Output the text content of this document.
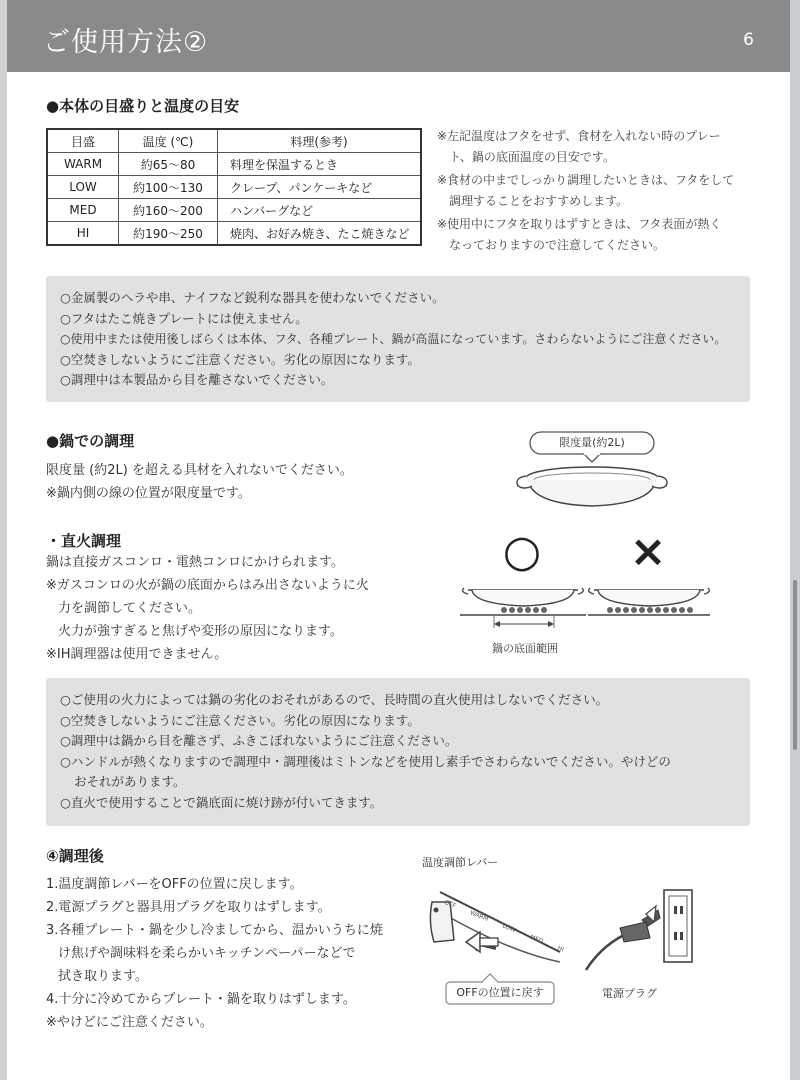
ご使用方法②	6
●本体の目盛りと温度の目安
目盛	温度 (℃)	料理(参考)
WARM	約65〜80	料理を保温するとき
LOW	約100〜130	クレープ、パンケーキなど
MED	約160〜200	ハンバーグなど
HI	約190〜250	焼肉、お好み焼き、たこ焼きなど
※左記温度はフタをせず、食材を入れない時のプレー
ト、鍋の底面温度の目安です。
※食材の中までしっかり調理したいときは、フタをして
調理することをおすすめします。
※使用中にフタを取りはずすときは、フタ表面が熱く
なっておりますので注意してください。
○金属製のヘラや串、ナイフなど鋭利な器具を使わないでください。
○フタはたこ焼きプレートには使えません。
○使用中または使用後しばらくは本体、フタ、各種プレート、鍋が高温になっています。さわらないようにご注意ください。
○空焚きしないようにご注意ください。劣化の原因になります。
○調理中は本製品から目を離さないでください。
●鍋での調理
限度量 (約2L) を超える具材を入れないでください。
※鍋内側の線の位置が限度量です。
限度量(約2L)
・直火調理
鍋は直接ガスコンロ・電熱コンロにかけられます。
※ガスコンロの火が鍋の底面からはみ出さないように火
力を調節してください。
火力が強すぎると焦げや変形の原因になります。
※IH調理器は使用できません。
○ ×
鍋の底面範囲
○ご使用の火力によっては鍋の劣化のおそれがあるので、長時間の直火使用はしないでください。
○空焚きしないようにご注意ください。劣化の原因になります。
○調理中は鍋から目を離さず、ふきこぼれないようにご注意ください。
○ハンドルが熱くなりますので調理中・調理後はミトンなどを使用し素手でさわらないでください。やけどの
おそれがあります。
○直火で使用することで鍋底面に焼け跡が付いてきます。
④調理後
1.温度調節レバーをOFFの位置に戻します。
2.電源プラグと器具用プラグを取りはずします。
3.各種プレート・鍋を少し冷ましてから、温かいうちに焼
け焦げや調味料を柔らかいキッチンペーパーなどで
拭き取ります。
4.十分に冷めてからプレート・鍋を取りはずします。
※やけどにご注意ください。
温度調節レバー
OFF WARM LOW MED HI
OFFの位置に戻す	電源プラグ
